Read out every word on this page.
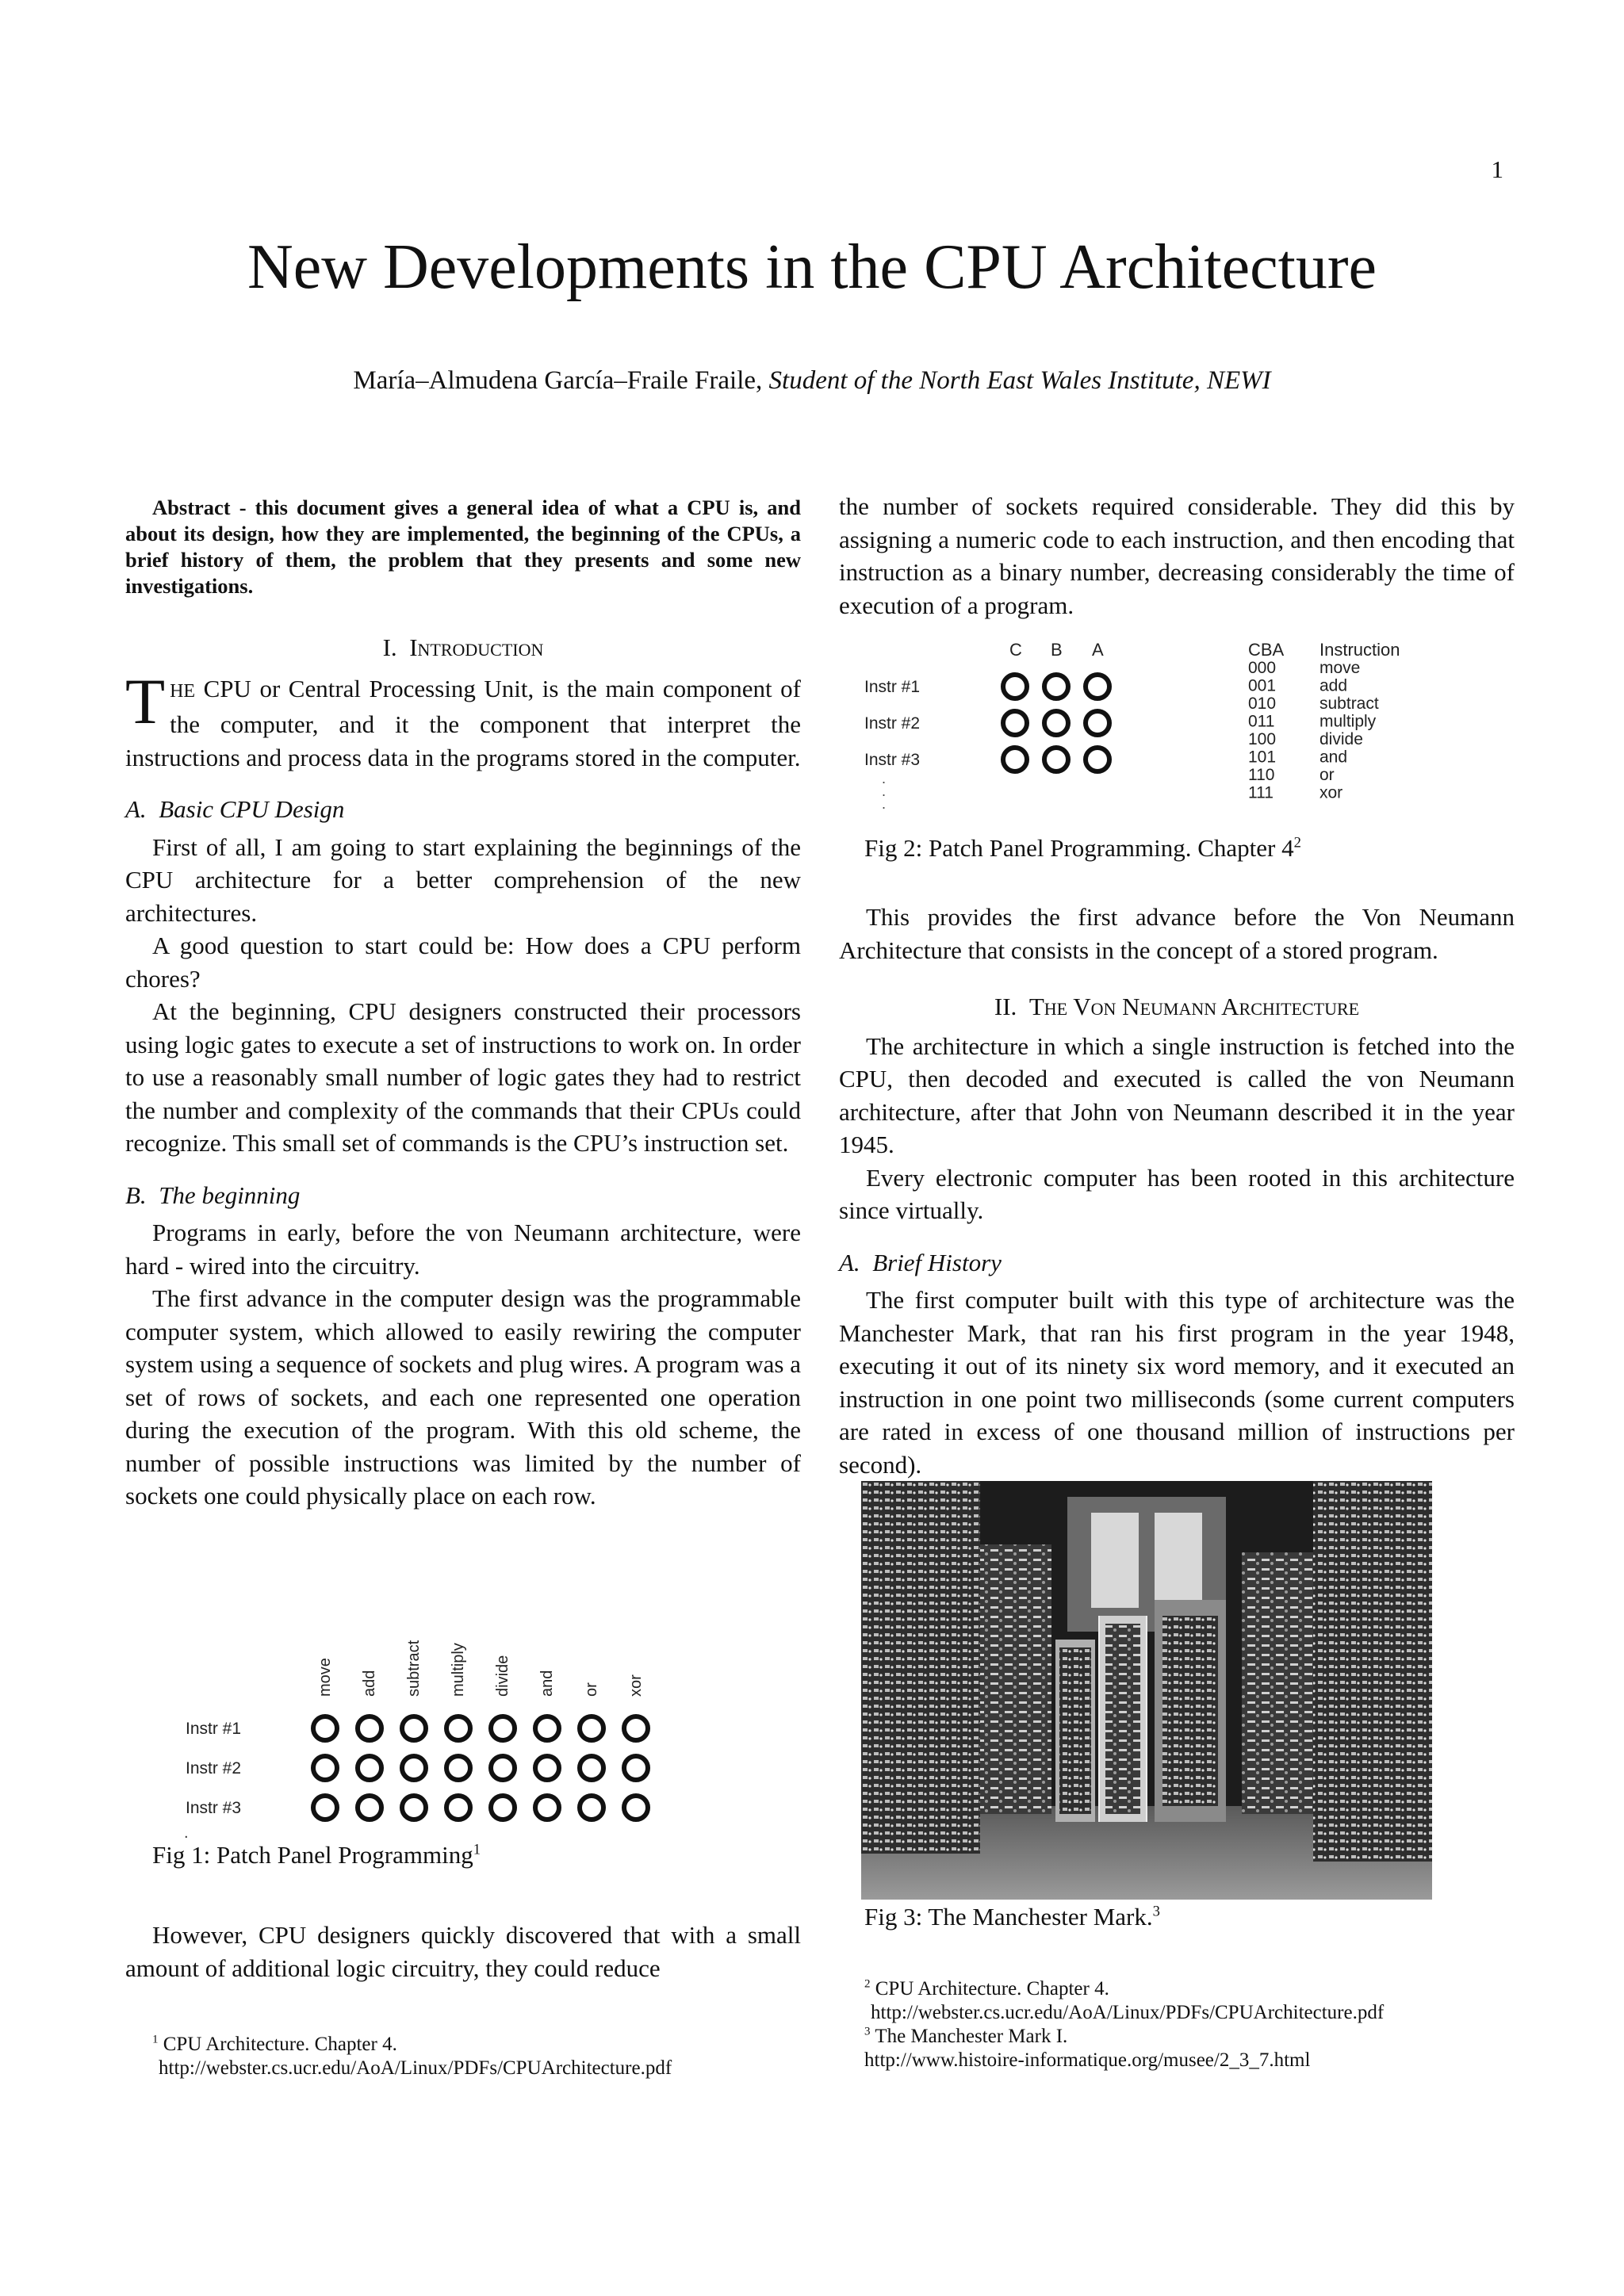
1
New Developments in the CPU Architecture
María–Almudena García–Fraile Fraile, Student of the North East Wales Institute, NEWI

Abstract - this document gives a general idea of what a CPU is, and about its design, how they are implemented, the beginning of the CPUs, a brief history of them, the problem that they presents and some new investigations.

I. Introduction

THE CPU or Central Processing Unit, is the main component of the computer, and it the component that interpret the instructions and process data in the programs stored in the computer.

A. Basic CPU Design

First of all, I am going to start explaining the beginnings of the CPU architecture for a better comprehension of the new architectures.

A good question to start could be: How does a CPU perform chores?

At the beginning, CPU designers constructed their processors using logic gates to execute a set of instructions to work on. In order to use a reasonably small number of logic gates they had to restrict the number and complexity of the commands that their CPUs could recognize. This small set of commands is the CPU’s instruction set.

B. The beginning

Programs in early, before the von Neumann architecture, were hard - wired into the circuitry.

The first advance in the computer design was the programmable computer system, which allowed to easily rewiring the computer system using a sequence of sockets and plug wires. A program was a set of rows of sockets, and each one represented one operation during the execution of the program. With this old scheme, the number of possible instructions was limited by the number of sockets one could physically place on each row.

move add subtract multiply divide and or xor
Instr #1
Instr #2
Instr #3
.
Fig 1: Patch Panel Programming$^1$

However, CPU designers quickly discovered that with a small amount of additional logic circuitry, they could reduce

$^1$ CPU Architecture. Chapter 4.
http://webster.cs.ucr.edu/AoA/Linux/PDFs/CPUArchitecture.pdf

the number of sockets required considerable. They did this by assigning a numeric code to each instruction, and then encoding that instruction as a binary number, decreasing considerably the time of execution of a program.

C B A
Instr #1
Instr #2
Instr #3
.
.
.
CBA Instruction
000	move
001	add
010	subtract
011	multiply
100	divide
101	and
110	or
111	xor
Fig 2: Patch Panel Programming. Chapter $4^2$

This provides the first advance before the Von Neumann Architecture that consists in the concept of a stored program.

II. The Von Neumann Architecture

The architecture in which a single instruction is fetched into the CPU, then decoded and executed is called the von Neumann architecture, after that John von Neumann described it in the year 1945.

Every electronic computer has been rooted in this architecture since virtually.

A. Brief History

The first computer built with this type of architecture was the Manchester Mark, that ran his first program in the year 1948, executing it out of its ninety six word memory, and it executed an instruction in one point two milliseconds (some current computers are rated in excess of one thousand million of instructions per second).

Fig 3: The Manchester Mark.$^3$
$^2$ CPU Architecture. Chapter 4.
http://webster.cs.ucr.edu/AoA/Linux/PDFs/CPUArchitecture.pdf
$^3$ The Manchester Mark I.
http://www.histoire-informatique.org/musee/2_3_7.html
